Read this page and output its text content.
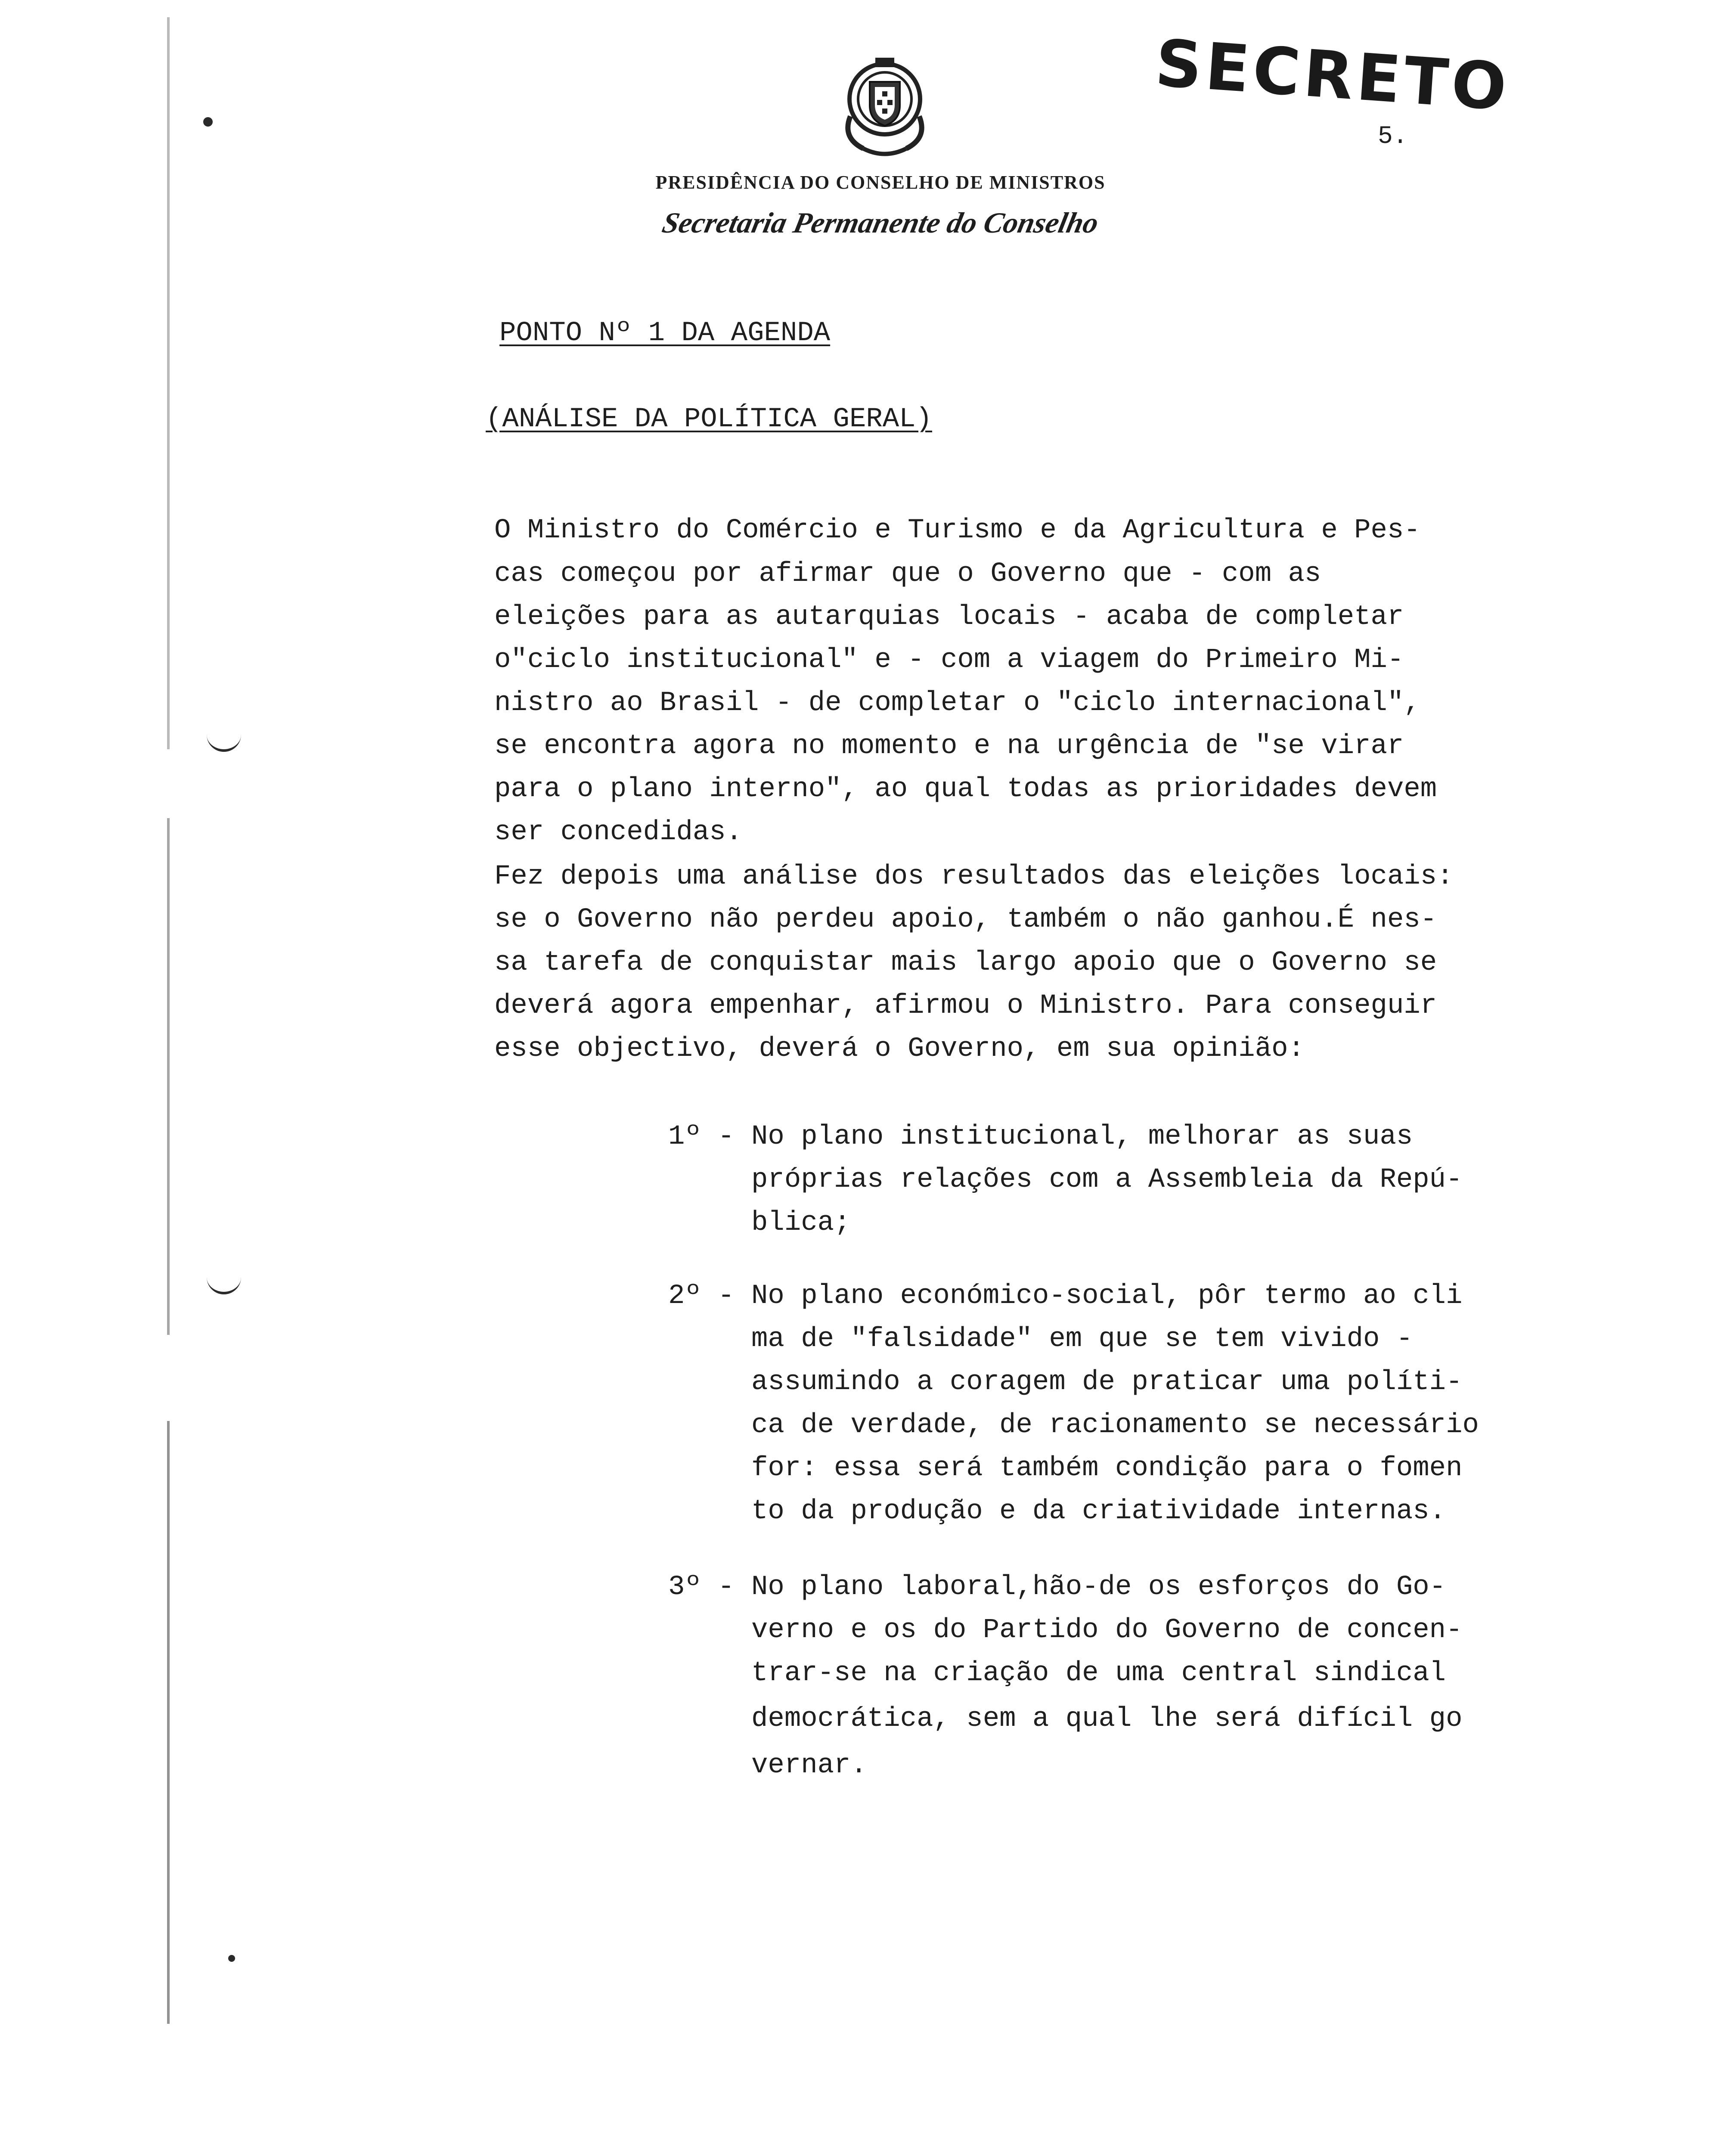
SECRETO
5.
PRESIDÊNCIA DO CONSELHO DE MINISTROS
Secretaria Permanente do Conselho
PONTO Nº 1 DA AGENDA
(ANÁLISE DA POLÍTICA GERAL)
O Ministro do Comércio e Turismo e da Agricultura e Pes-
cas começou por afirmar que o Governo que - com as
eleições para as autarquias locais - acaba de completar
o"ciclo institucional" e - com a viagem do Primeiro Mi-
nistro ao Brasil - de completar o "ciclo internacional",
se encontra agora no momento e na urgência de "se virar
para o plano interno", ao qual todas as prioridades devem
ser concedidas.
Fez depois uma análise dos resultados das eleições locais:
se o Governo não perdeu apoio, também o não ganhou.É nes-
sa tarefa de conquistar mais largo apoio que o Governo se
deverá agora empenhar, afirmou o Ministro. Para conseguir
esse objectivo, deverá o Governo, em sua opinião:
1º - No plano institucional, melhorar as suas
próprias relações com a Assembleia da Repú-
blica;
2º - No plano económico-social, pôr termo ao cli
ma de "falsidade" em que se tem vivido -
assumindo a coragem de praticar uma políti-
ca de verdade, de racionamento se necessário
for: essa será também condição para o fomen
to da produção e da criatividade internas.
3º - No plano laboral,hão-de os esforços do Go-
verno e os do Partido do Governo de concen-
trar-se na criação de uma central sindical
democrática, sem a qual lhe será difícil go
vernar.
